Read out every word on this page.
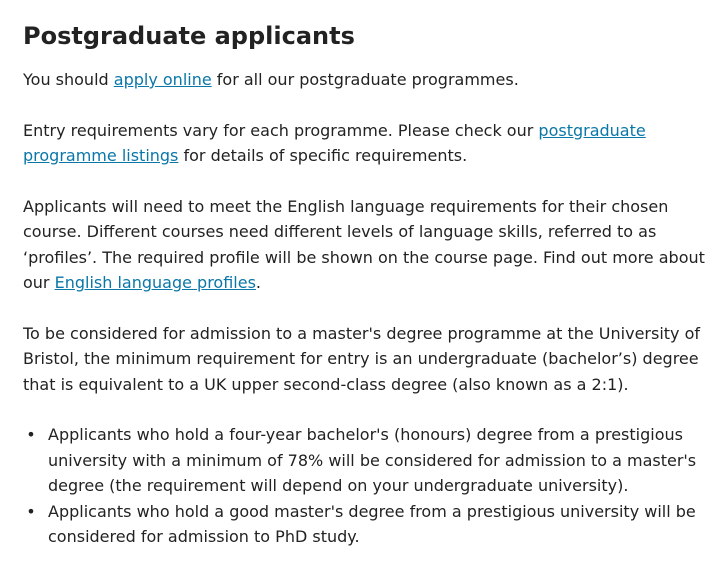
Postgraduate applicants

You should apply online for all our postgraduate programmes.

Entry requirements vary for each programme. Please check our postgraduate programme listings for details of specific requirements.

Applicants will need to meet the English language requirements for their chosen course. Different courses need different levels of language skills, referred to as ‘profiles’. The required profile will be shown on the course page. Find out more about our English language profiles.

To be considered for admission to a master's degree programme at the University of Bristol, the minimum requirement for entry is an undergraduate (bachelor’s) degree that is equivalent to a UK upper second-class degree (also known as a 2:1).

• Applicants who hold a four-year bachelor's (honours) degree from a prestigious university with a minimum of 78% will be considered for admission to a master's degree (the requirement will depend on your undergraduate university).
• Applicants who hold a good master's degree from a prestigious university will be considered for admission to PhD study.
